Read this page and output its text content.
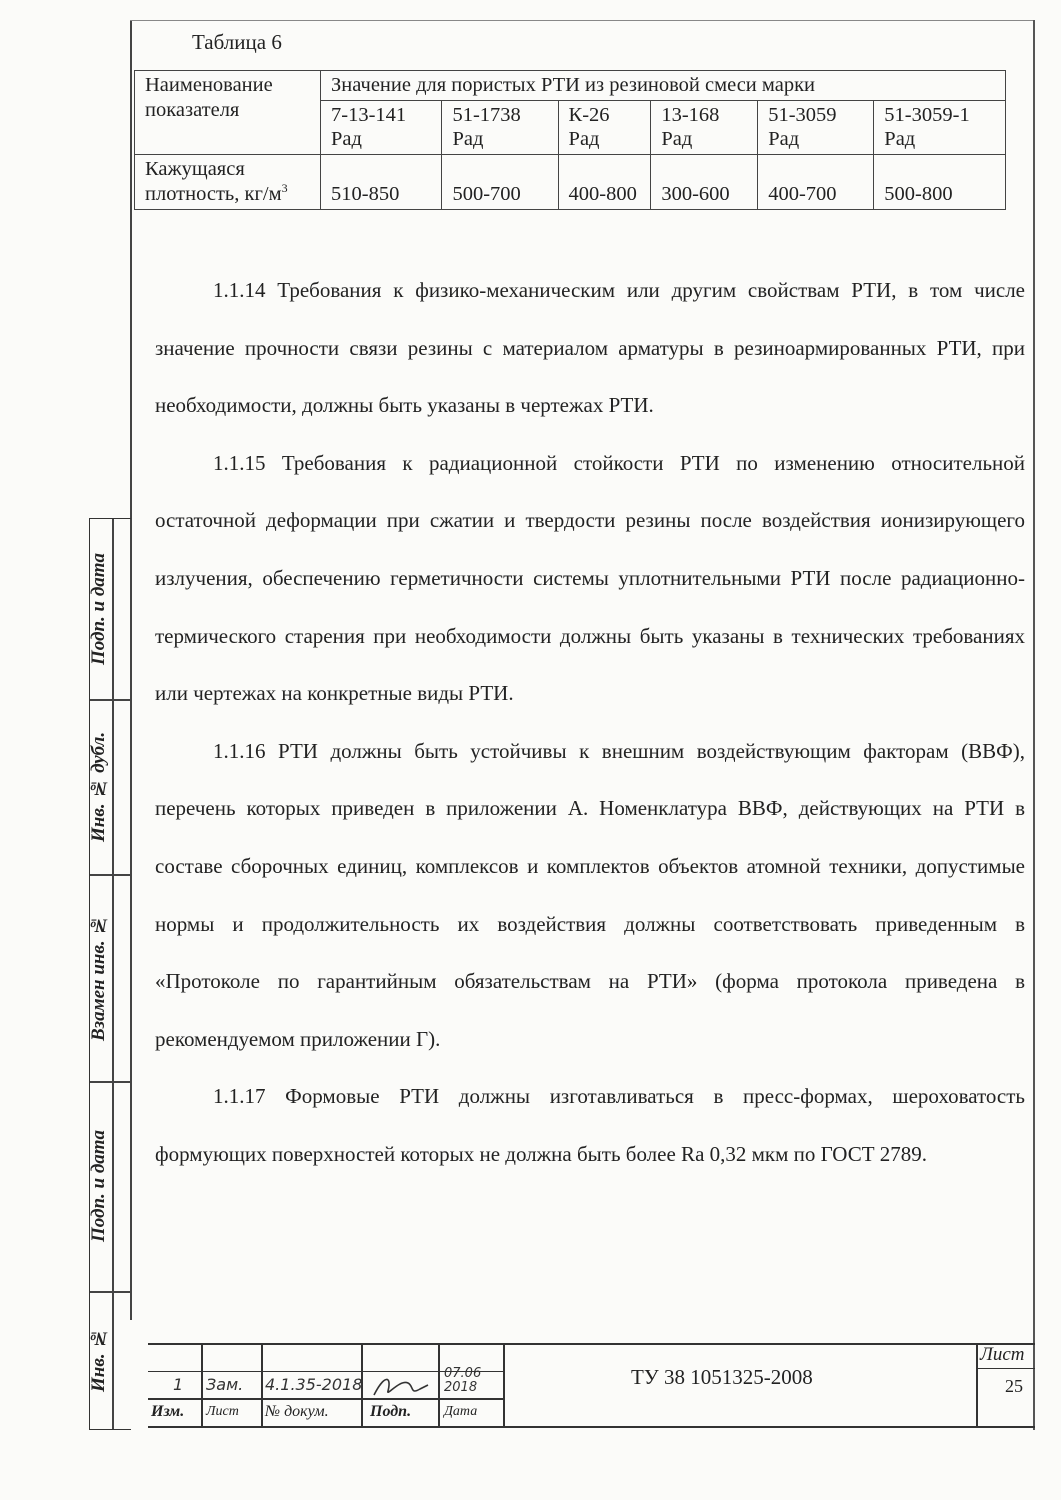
Таблица 6
Наименование показателя	Значение для пористых РТИ из резиновой смеси марки					
	7-13-141 Рад	51-1738 Рад	К-26 Рад	13-168 Рад	51-3059 Рад	51-3059-1 Рад
Кажущаяся плотность, $кг/м^3$	510-850	500-700	400-800	300-600	400-700	500-800

1.1.14 Требования к физико-механическим или другим свойствам РТИ, в том числе значение прочности связи резины с материалом арматуры в резиноармированных РТИ, при необходимости, должны быть указаны в чертежах РТИ.

1.1.15 Требования к радиационной стойкости РТИ по изменению относительной остаточной деформации при сжатии и твердости резины после воздействия ионизирующего излучения, обеспечению герметичности системы уплотнительными РТИ после радиационно-термического старения при необходимости должны быть указаны в технических требованиях или чертежах на конкретные виды РТИ.

1.1.16 РТИ должны быть устойчивы к внешним воздействующим факторам (ВВФ), перечень которых приведен в приложении А. Номенклатура ВВФ, действующих на РТИ в составе сборочных единиц, комплексов и комплектов объектов атомной техники, допустимые нормы и продолжительность их воздействия должны соответствовать приведенным в «Протоколе по гарантийным обязательствам на РТИ» (форма протокола приведена в рекомендуемом приложении Г).

1.1.17 Формовые РТИ должны изготавливаться в пресс-формах, шероховатость формующих поверхностей которых не должна быть более Ra 0,32 мкм по ГОСТ 2789.

Подп. и дата
Инв. № дубл.
Взамен инв. №
Подп. и дата
Инв. №	1 Зам. 4.1.35-2018
07.06 2018
Изм. Лист № докум.	Подп. Дата
ТУ 38 1051325-2008
Лист
25
